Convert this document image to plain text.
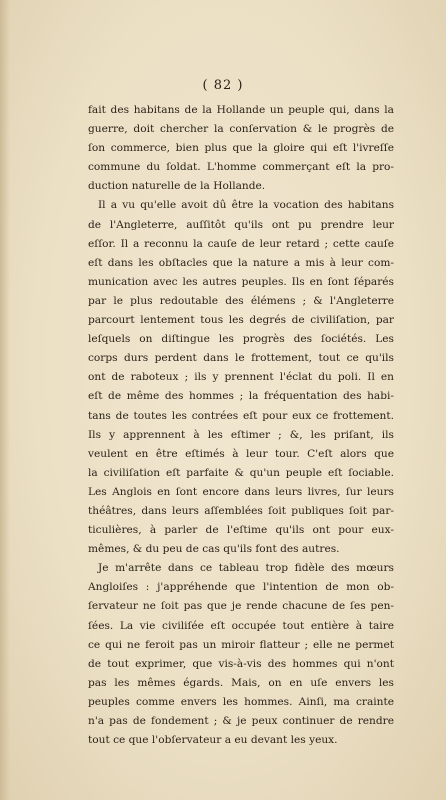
( 82 )
fait des habitans de la Hollande un peuple qui, dans la
guerre, doit chercher la conſervation & le progrès de
ſon commerce, bien plus que la gloire qui eſt l'ivreſſe
commune du ſoldat. L'homme commerçant eſt la pro-
duction naturelle de la Hollande.
Il a vu qu'elle avoit dû être la vocation des habitans
de l'Angleterre, auſſitôt qu'ils ont pu prendre leur
eſſor. Il a reconnu la cauſe de leur retard ; cette cauſe
eſt dans les obſtacles que la nature a mis à leur com-
munication avec les autres peuples. Ils en ſont ſéparés
par le plus redoutable des élémens ; & l'Angleterre
parcourt lentement tous les degrés de civiliſation, par
leſquels on diſtingue les progrès des ſociétés. Les
corps durs perdent dans le frottement, tout ce qu'ils
ont de raboteux ; ils y prennent l'éclat du poli. Il en
eſt de même des hommes ; la fréquentation des habi-
tans de toutes les contrées eſt pour eux ce frottement.
Ils y apprennent à les eſtimer ; &, les priſant, ils
veulent en être eſtimés à leur tour. C'eſt alors que
la civiliſation eſt parfaite & qu'un peuple eſt ſociable.
Les Anglois en ſont encore dans leurs livres, ſur leurs
théâtres, dans leurs aſſemblées ſoit publiques ſoit par-
ticulières, à parler de l'eſtime qu'ils ont pour eux-
mêmes, & du peu de cas qu'ils font des autres.
Je m'arrête dans ce tableau trop fidèle des mœurs
Angloiſes : j'appréhende que l'intention de mon ob-
ſervateur ne ſoit pas que je rende chacune de ſes pen-
ſées. La vie civiliſée eſt occupée tout entière à taire
ce qui ne feroit pas un miroir flatteur ; elle ne permet
de tout exprimer, que vis-à-vis des hommes qui n'ont
pas les mêmes égards. Mais, on en uſe envers les
peuples comme envers les hommes. Ainſi, ma crainte
n'a pas de fondement ; & je peux continuer de rendre
tout ce que l'obſervateur a eu devant les yeux.
